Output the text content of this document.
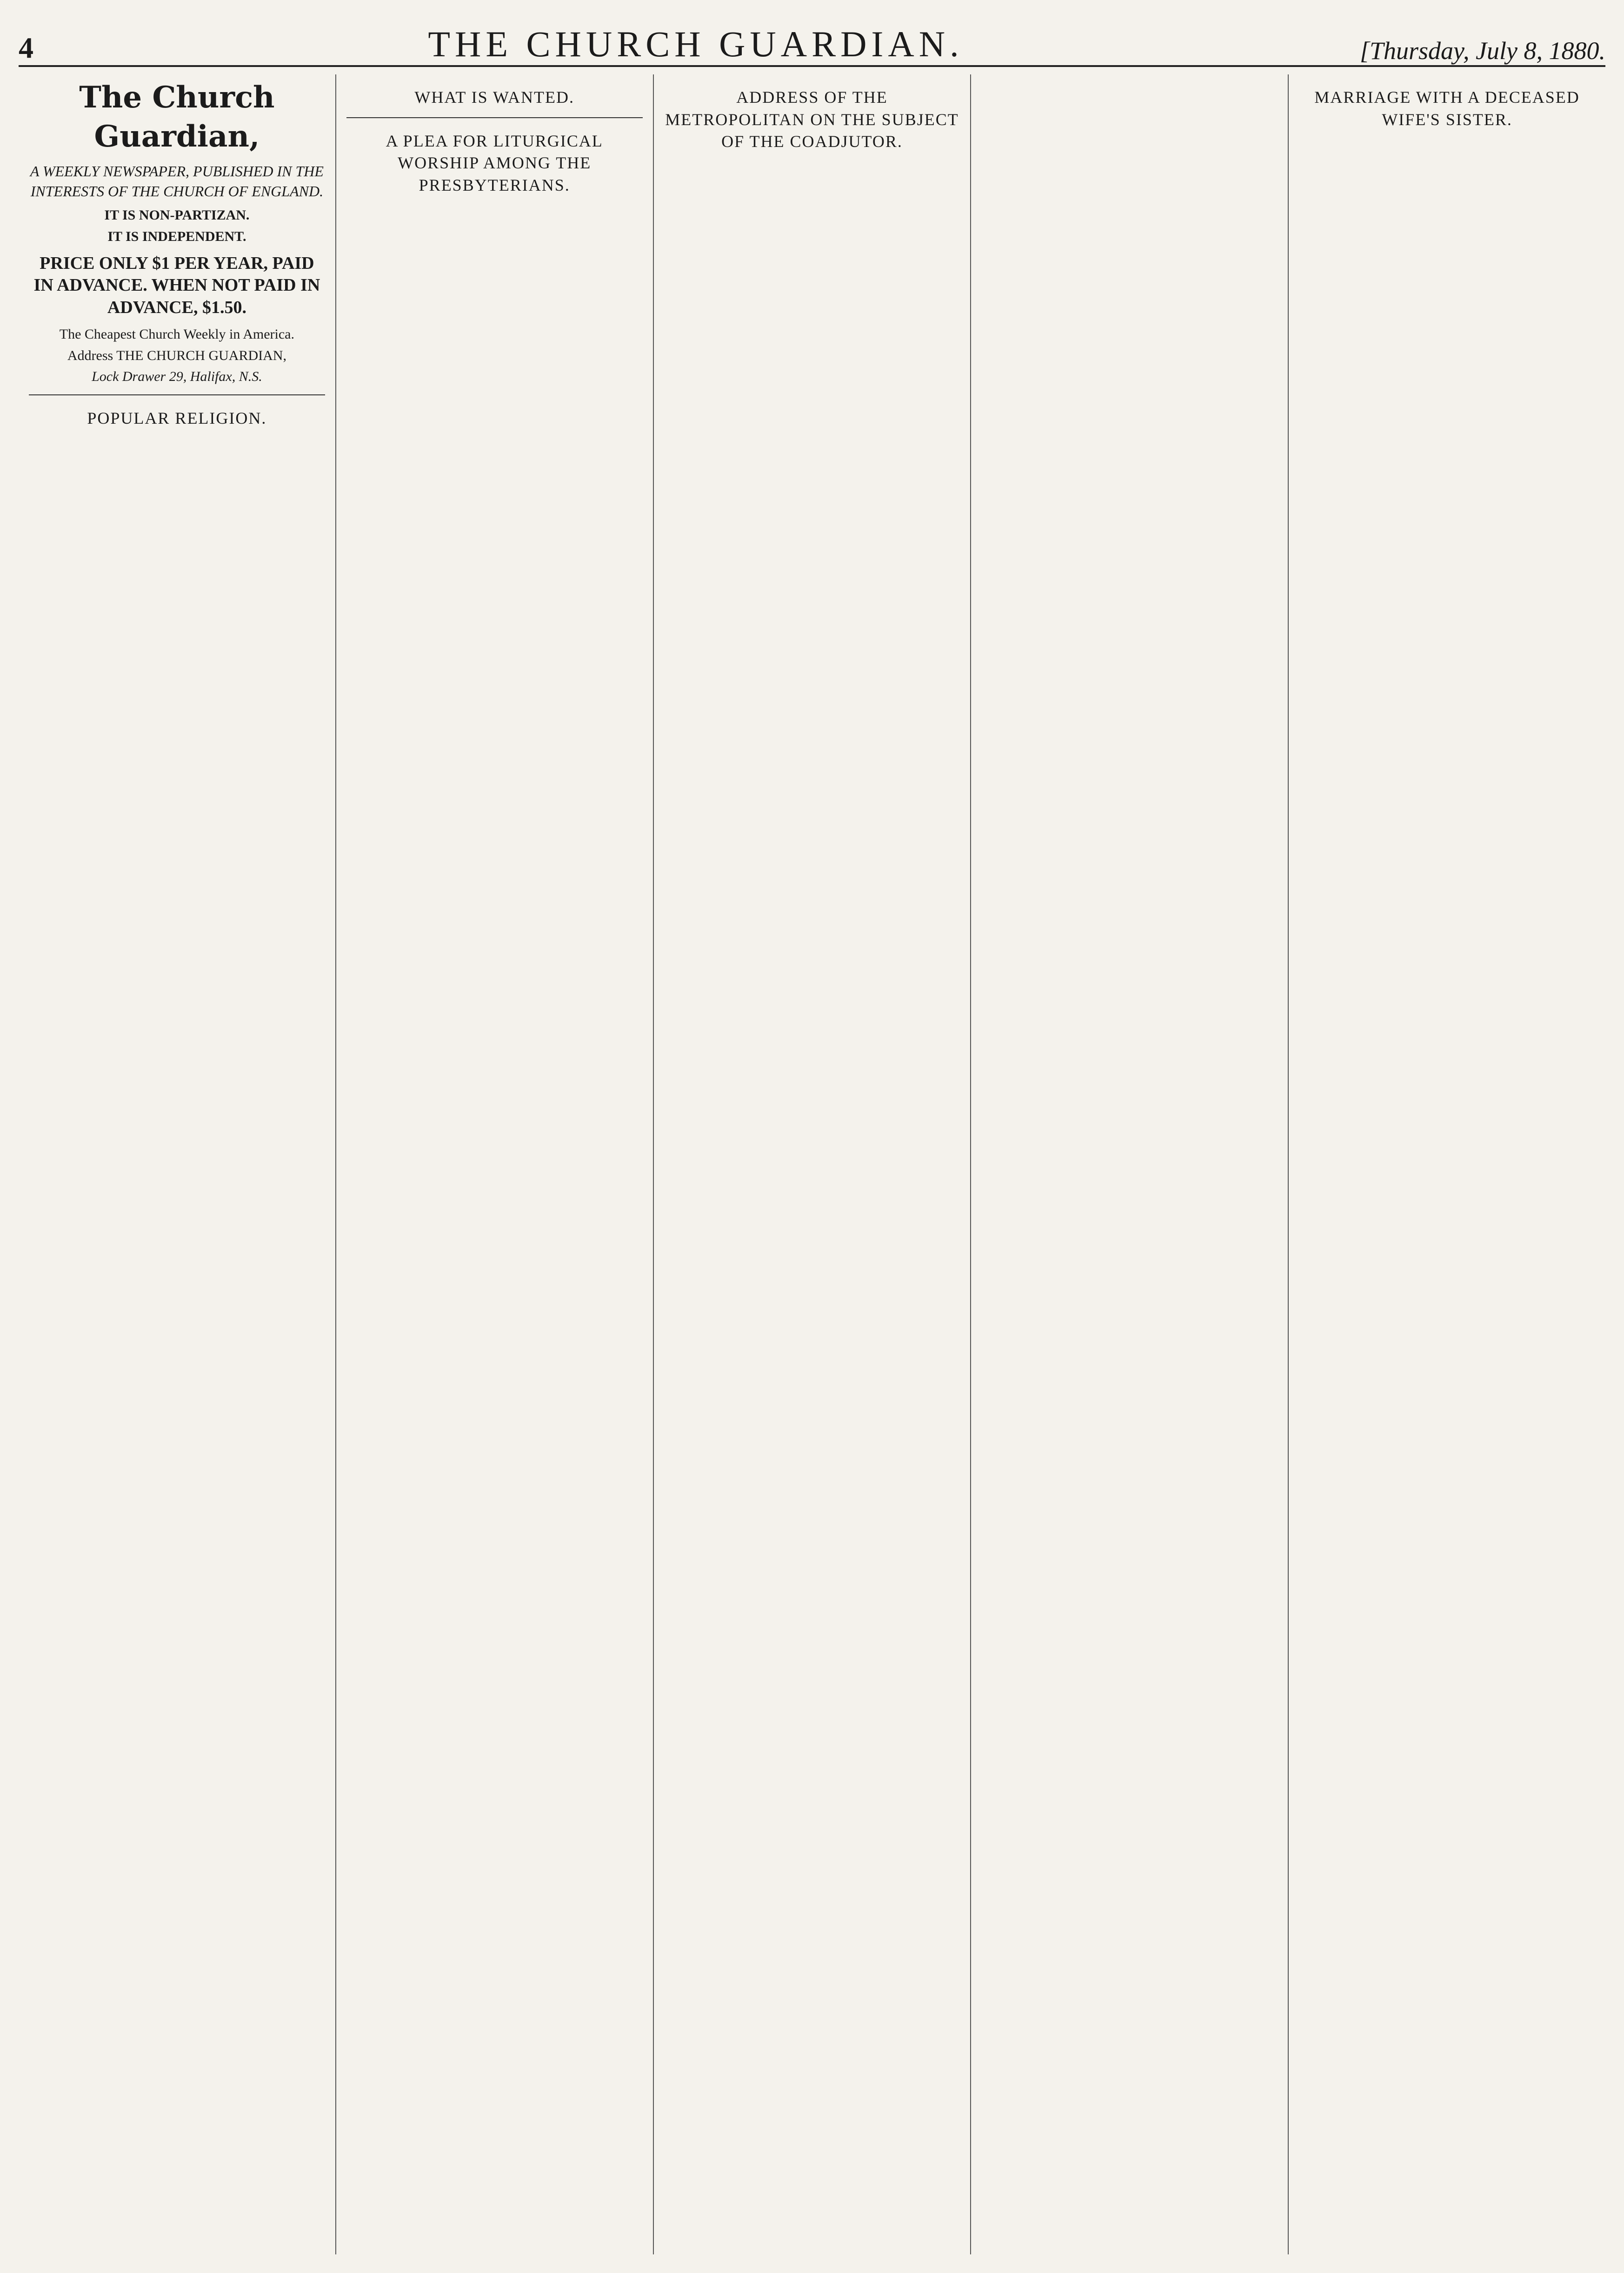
4	THE CHURCH GUARDIAN.	[Thursday, July 8, 1880.
The Church Guardian,
A WEEKLY NEWSPAPER, PUBLISHED IN THE INTERESTS OF THE CHURCH OF ENGLAND.
IT IS NON-PARTIZAN.
IT IS INDEPENDENT.
PRICE ONLY $1 PER YEAR, PAID IN ADVANCE. WHEN NOT PAID IN ADVANCE, $1.50.
The Cheapest Church Weekly in America.
Address THE CHURCH GUARDIAN,
Lock Drawer 29, Halifax, N.S.
POPULAR RELIGION.
WHAT IS WANTED.
A PLEA FOR LITURGICAL WORSHIP AMONG THE PRESBYTERIANS.
ADDRESS OF THE METROPOLITAN ON THE SUBJECT OF THE COADJUTOR.
MARRIAGE WITH A DECEASED WIFE'S SISTER.
